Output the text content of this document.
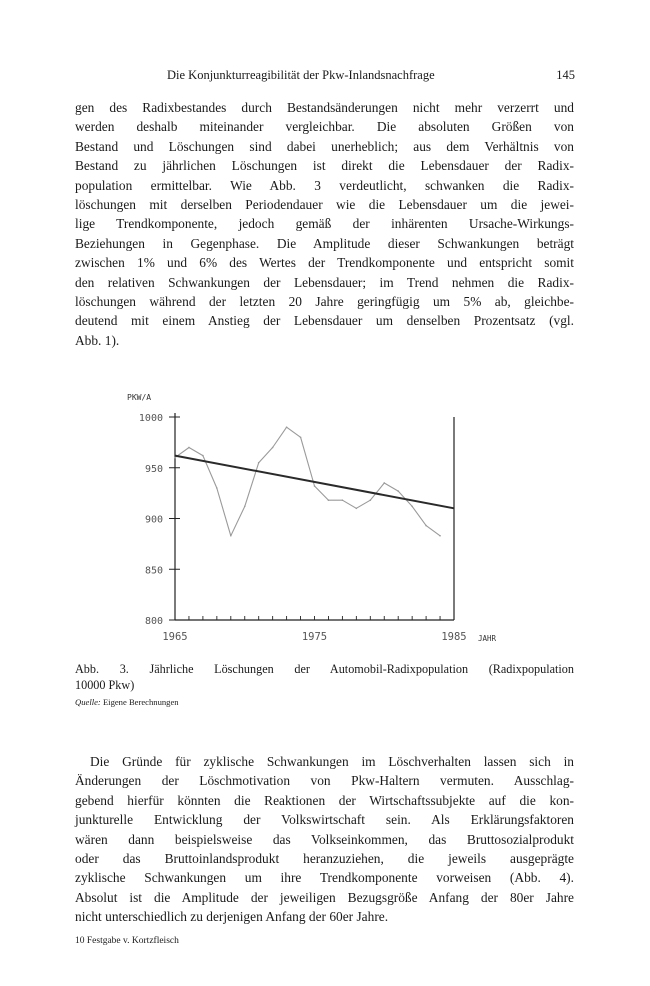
Die Konjunkturreagibilität der Pkw-Inlandsnachfrage	145
gen des Radixbestandes durch Bestandsänderungen nicht mehr verzerrt und
werden deshalb miteinander vergleichbar. Die absoluten Größen von
Bestand und Löschungen sind dabei unerheblich; aus dem Verhältnis von
Bestand zu jährlichen Löschungen ist direkt die Lebensdauer der Radix-
population ermittelbar. Wie Abb. 3 verdeutlicht, schwanken die Radix-
löschungen mit derselben Periodendauer wie die Lebensdauer um die jewei-
lige Trendkomponente, jedoch gemäß der inhärenten Ursache-Wirkungs-
Beziehungen in Gegenphase. Die Amplitude dieser Schwankungen beträgt
zwischen 1% und 6% des Wertes der Trendkomponente und entspricht somit
den relativen Schwankungen der Lebensdauer; im Trend nehmen die Radix-
löschungen während der letzten 20 Jahre geringfügig um 5% ab, gleichbe-
deutend mit einem Anstieg der Lebensdauer um denselben Prozentsatz (vgl.
Abb. 1).
800
850
900
950
1000
1965	1975	1985
PKW/A
JAHR
Abb. 3. Jährliche Löschungen der Automobil-Radixpopulation (Radixpopulation
10000 Pkw)
Quelle: Eigene Berechnungen
Die Gründe für zyklische Schwankungen im Löschverhalten lassen sich in
Änderungen der Löschmotivation von Pkw-Haltern vermuten. Ausschlag-
gebend hierfür könnten die Reaktionen der Wirtschaftssubjekte auf die kon-
junkturelle Entwicklung der Volkswirtschaft sein. Als Erklärungsfaktoren
wären dann beispielsweise das Volkseinkommen, das Bruttosozialprodukt
oder das Bruttoinlandsprodukt heranzuziehen, die jeweils ausgeprägte
zyklische Schwankungen um ihre Trendkomponente vorweisen (Abb. 4).
Absolut ist die Amplitude der jeweiligen Bezugsgröße Anfang der 80er Jahre
nicht unterschiedlich zu derjenigen Anfang der 60er Jahre.
10 Festgabe v. Kortzfleisch
